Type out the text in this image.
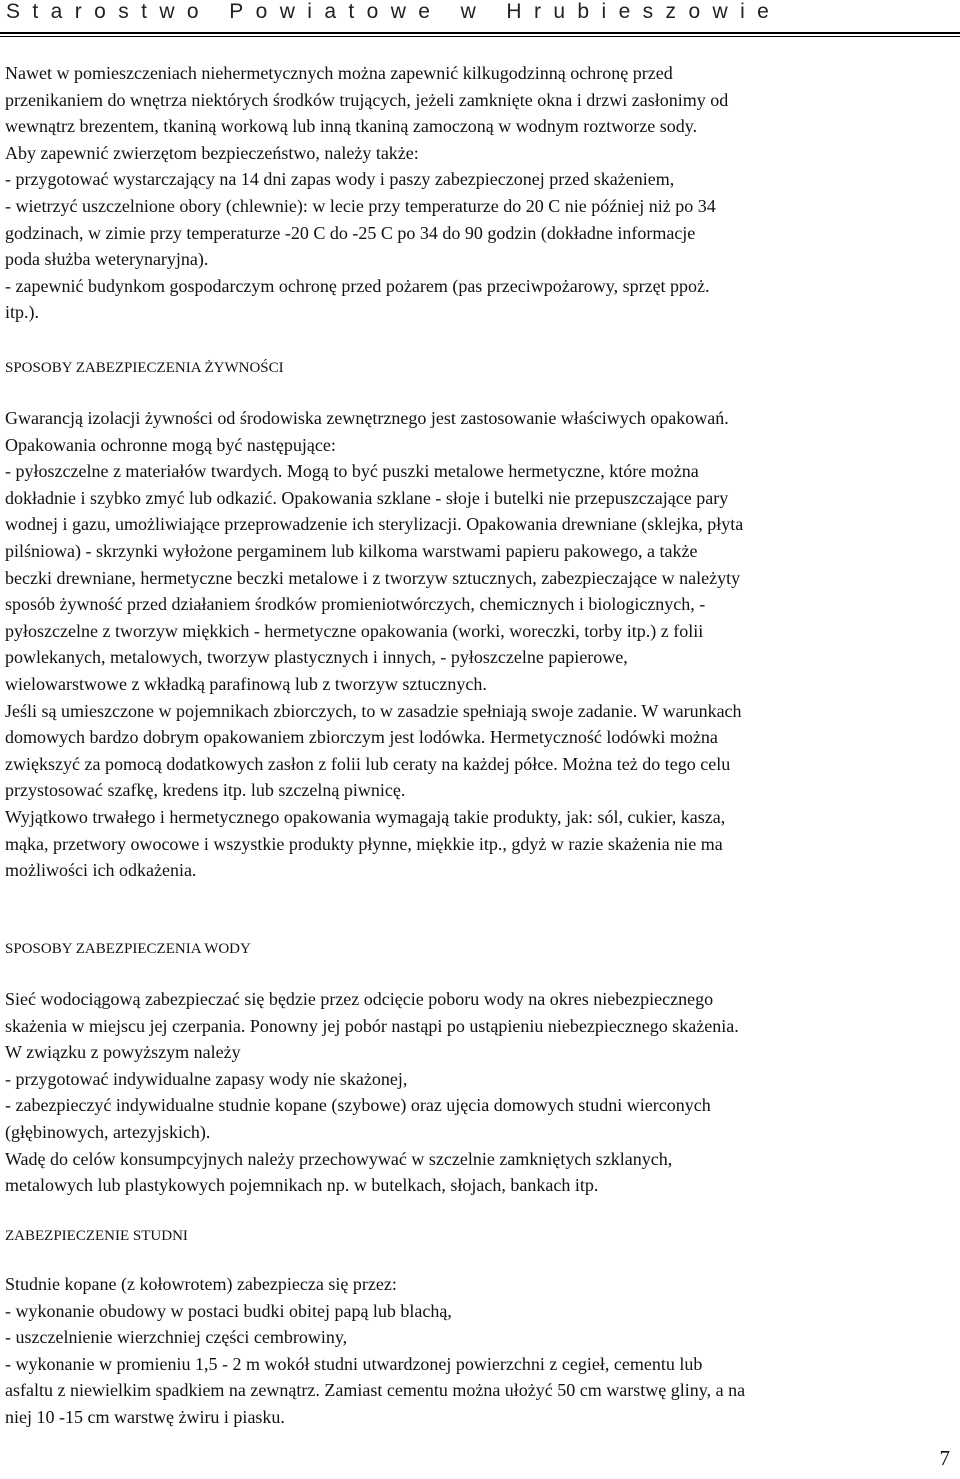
Starostwo Powiatowe w Hrubieszowie

Nawet w pomieszczeniach niehermetycznych można zapewnić kilkugodzinną ochronę przed

przenikaniem do wnętrza niektórych środków trujących, jeżeli zamknięte okna i drzwi zasłonimy od

wewnątrz brezentem, tkaniną workową lub inną tkaniną zamoczoną w wodnym roztworze sody.

Aby zapewnić zwierzętom bezpieczeństwo, należy także:

- przygotować wystarczający na 14 dni zapas wody i paszy zabezpieczonej przed skażeniem,

- wietrzyć uszczelnione obory (chlewnie): w lecie przy temperaturze do 20 C nie później niż po 34

godzinach, w zimie przy temperaturze -20 C do -25 C po 34 do 90 godzin (dokładne informacje

poda służba weterynaryjna).

- zapewnić budynkom gospodarczym ochronę przed pożarem (pas przeciwpożarowy, sprzęt ppoż.

itp.).

SPOSOBY ZABEZPIECZENIA ŻYWNOŚCI

Gwarancją izolacji żywności od środowiska zewnętrznego jest zastosowanie właściwych opakowań.

Opakowania ochronne mogą być następujące:

- pyłoszczelne z materiałów twardych. Mogą to być puszki metalowe hermetyczne, które można

dokładnie i szybko zmyć lub odkazić. Opakowania szklane - słoje i butelki nie przepuszczające pary

wodnej i gazu, umożliwiające przeprowadzenie ich sterylizacji. Opakowania drewniane (sklejka, płyta

pilśniowa) - skrzynki wyłożone pergaminem lub kilkoma warstwami papieru pakowego, a także

beczki drewniane, hermetyczne beczki metalowe i z tworzyw sztucznych, zabezpieczające w należyty

sposób żywność przed działaniem środków promieniotwórczych, chemicznych i biologicznych, -

pyłoszczelne z tworzyw miękkich - hermetyczne opakowania (worki, woreczki, torby itp.) z folii

powlekanych, metalowych, tworzyw plastycznych i innych, - pyłoszczelne papierowe,

wielowarstwowe z wkładką parafinową lub z tworzyw sztucznych.

Jeśli są umieszczone w pojemnikach zbiorczych, to w zasadzie spełniają swoje zadanie. W warunkach

domowych bardzo dobrym opakowaniem zbiorczym jest lodówka. Hermetyczność lodówki można

zwiększyć za pomocą dodatkowych zasłon z folii lub ceraty na każdej półce. Można też do tego celu

przystosować szafkę, kredens itp. lub szczelną piwnicę.

Wyjątkowo trwałego i hermetycznego opakowania wymagają takie produkty, jak: sól, cukier, kasza,

mąka, przetwory owocowe i wszystkie produkty płynne, miękkie itp., gdyż w razie skażenia nie ma

możliwości ich odkażenia.

SPOSOBY ZABEZPIECZENIA WODY

Sieć wodociągową zabezpieczać się będzie przez odcięcie poboru wody na okres niebezpiecznego

skażenia w miejscu jej czerpania. Ponowny jej pobór nastąpi po ustąpieniu niebezpiecznego skażenia.

W związku z powyższym należy

- przygotować indywidualne zapasy wody nie skażonej,

- zabezpieczyć indywidualne studnie kopane (szybowe) oraz ujęcia domowych studni wierconych

(głębinowych, artezyjskich).

Wadę do celów konsumpcyjnych należy przechowywać w szczelnie zamkniętych szklanych,

metalowych lub plastykowych pojemnikach np. w butelkach, słojach, bankach itp.

ZABEZPIECZENIE STUDNI

Studnie kopane (z kołowrotem) zabezpiecza się przez:

- wykonanie obudowy w postaci budki obitej papą lub blachą,

- uszczelnienie wierzchniej części cembrowiny,

- wykonanie w promieniu 1,5 - 2 m wokół studni utwardzonej powierzchni z cegieł, cementu lub

asfaltu z niewielkim spadkiem na zewnątrz. Zamiast cementu można ułożyć 50 cm warstwę gliny, a na

niej 10 -15 cm warstwę żwiru i piasku.

7
